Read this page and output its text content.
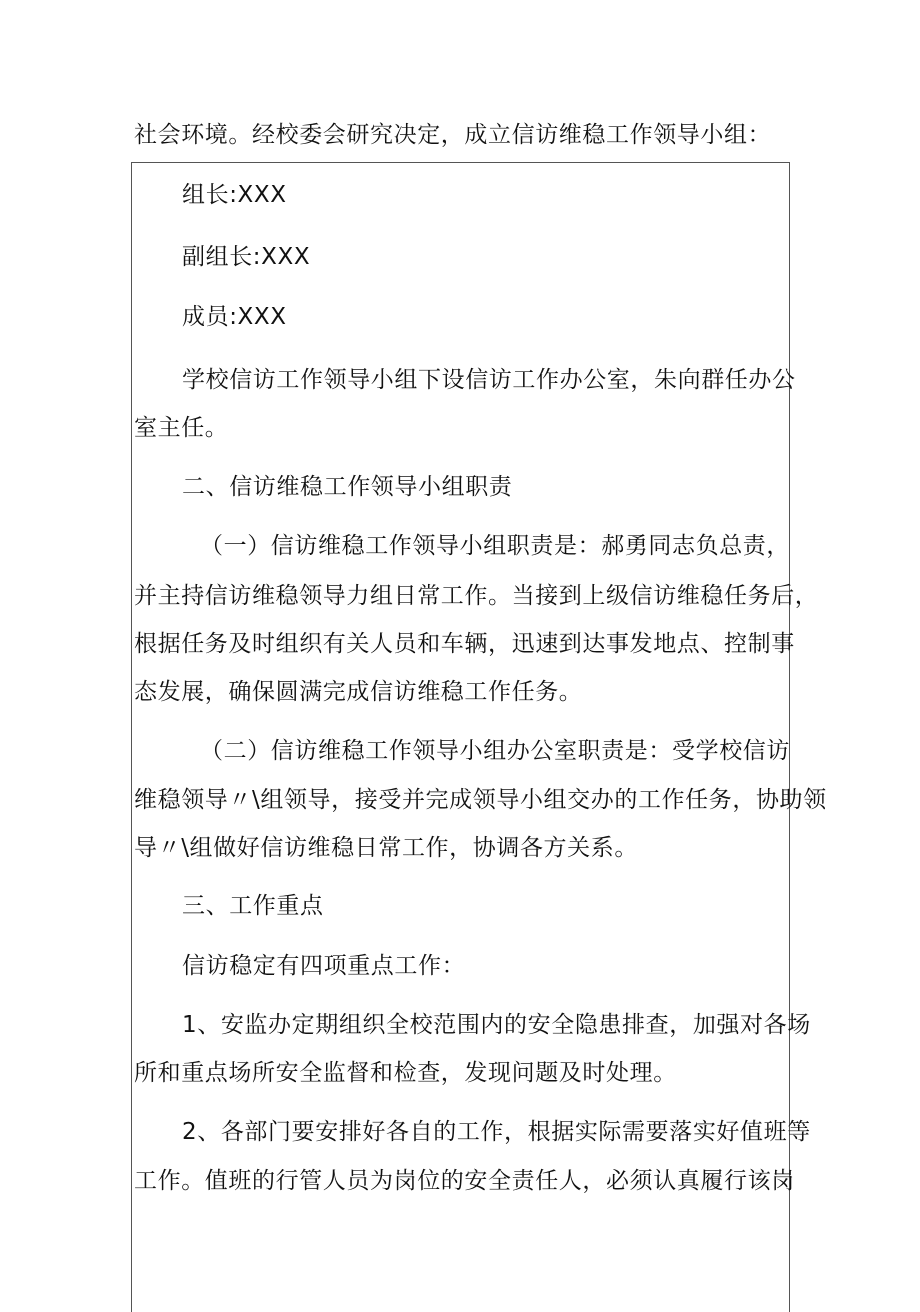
社会环境。经校委会研究决定，成立信访维稳工作领导小组：
组长:XXX
副组长:XXX
成员:XXX
学校信访工作领导小组下设信访工作办公室，朱向群任办公
室主任。
二、信访维稳工作领导小组职责
（一）信访维稳工作领导小组职责是：郝勇同志负总责，
并主持信访维稳领导力组日常工作。当接到上级信访维稳任务后，
根据任务及时组织有关人员和车辆，迅速到达事发地点、控制事
态发展，确保圆满完成信访维稳工作任务。
（二）信访维稳工作领导小组办公室职责是：受学校信访
维稳领导〃\组领导，接受并完成领导小组交办的工作任务，协助领
导〃\组做好信访维稳日常工作，协调各方关系。
三、工作重点
信访稳定有四项重点工作：
1、安监办定期组织全校范围内的安全隐患排查，加强对各场
所和重点场所安全监督和检查，发现问题及时处理。
2、各部门要安排好各自的工作，根据实际需要落实好值班等
工作。值班的行管人员为岗位的安全责任人，必须认真履行该岗
